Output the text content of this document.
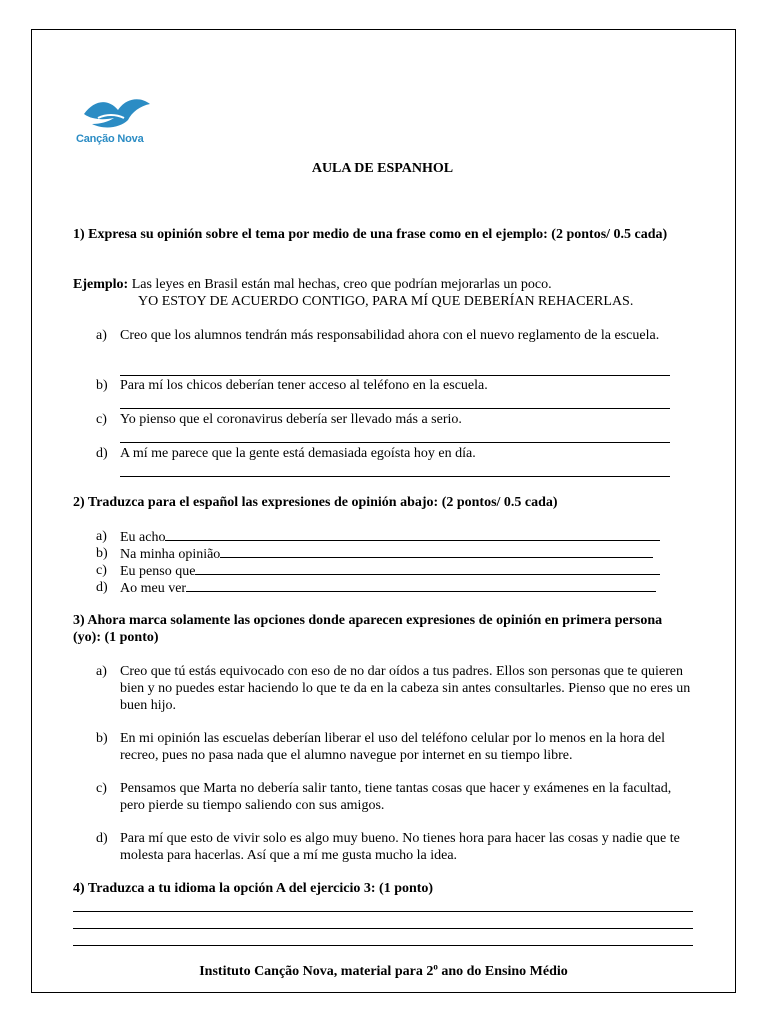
Canção Nova
AULA DE ESPANHOL
1) Expresa su opinión sobre el tema por medio de una frase como en el ejemplo: (2 pontos/ 0.5 cada)
Ejemplo: Las leyes en Brasil están mal hechas, creo que podrían mejorarlas un poco.
YO ESTOY DE ACUERDO CONTIGO, PARA MÍ QUE DEBERÍAN REHACERLAS.
a) Creo que los alumnos tendrán más responsabilidad ahora con el nuevo reglamento de la escuela.
b) Para mí los chicos deberían tener acceso al teléfono en la escuela.
c) Yo pienso que el coronavirus debería ser llevado más a serio.
d) A mí me parece que la gente está demasiada egoísta hoy en día.
2) Traduzca para el español las expresiones de opinión abajo: (2 pontos/ 0.5 cada)
a) Eu acho
b) Na minha opinião
c) Eu penso que
d) Ao meu ver
3) Ahora marca solamente las opciones donde aparecen expresiones de opinión en primera persona (yo): (1 ponto)
a) Creo que tú estás equivocado con eso de no dar oídos a tus padres. Ellos son personas que te quieren bien y no puedes estar haciendo lo que te da en la cabeza sin antes consultarles. Pienso que no eres un buen hijo.
b) En mi opinión las escuelas deberían liberar el uso del teléfono celular por lo menos en la hora del recreo, pues no pasa nada que el alumno navegue por internet en su tiempo libre.
c) Pensamos que Marta no debería salir tanto, tiene tantas cosas que hacer y exámenes en la facultad, pero pierde su tiempo saliendo con sus amigos.
d) Para mí que esto de vivir solo es algo muy bueno. No tienes hora para hacer las cosas y nadie que te molesta para hacerlas. Así que a mí me gusta mucho la idea.
4) Traduzca a tu idioma la opción A del ejercicio 3: (1 ponto)
Instituto Canção Nova, material para 2$^o$ ano do Ensino Médio
